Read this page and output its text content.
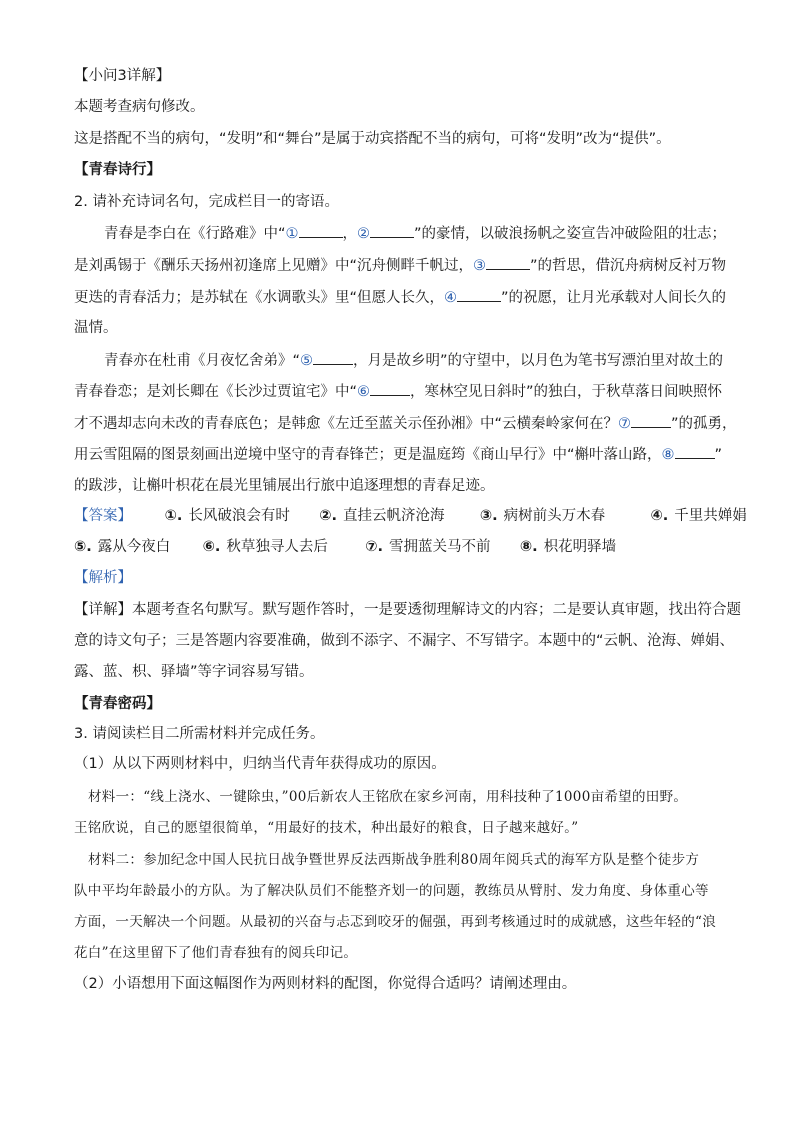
【小问3详解】
本题考查病句修改。
这是搭配不当的病句，“发明”和“舞台”是属于动宾搭配不当的病句，可将“发明”改为“提供”。
【青春诗行】
2. 请补充诗词名句，完成栏目一的寄语。
青春是李白在《行路难》中“①	，②	”的豪情，以破浪扬帆之姿宣告冲破险阻的壮志；
是刘禹锡于《酬乐天扬州初逢席上见赠》中“沉舟侧畔千帆过，③	”的哲思，借沉舟病树反衬万物
更迭的青春活力；是苏轼在《水调歌头》里“但愿人长久，④	”的祝愿，让月光承载对人间长久的
温情。
青春亦在杜甫《月夜忆舍弟》“⑤	，月是故乡明”的守望中，以月色为笔书写漂泊里对故土的
青春眷恋；是刘长卿在《长沙过贾谊宅》中“⑥	，寒林空见日斜时”的独白，于秋草落日间映照怀
才不遇却志向未改的青春底色；是韩愈《左迁至蓝关示侄孙湘》中“云横秦岭家何在？⑦	”的孤勇，
用云雪阻隔的图景刻画出逆境中坚守的青春锋芒；更是温庭筠《商山早行》中“槲叶落山路，⑧	”
的跋涉，让槲叶枳花在晨光里铺展出行旅中追逐理想的青春足迹。
【答案】 ①. 长风破浪会有时 ②. 直挂云帆济沧海 ③. 病树前头万木春	④. 千里共婵娟
⑤. 露从今夜白 ⑥. 秋草独寻人去后	⑦. 雪拥蓝关马不前 ⑧. 枳花明驿墙
【解析】
【详解】本题考查名句默写。默写题作答时，一是要透彻理解诗文的内容；二是要认真审题，找出符合题
意的诗文句子；三是答题内容要准确，做到不添字、不漏字、不写错字。本题中的“云帆、沧海、婵娟、
露、蓝、枳、驿墙”等字词容易写错。
【青春密码】
3. 请阅读栏目二所需材料并完成任务。
（1）从以下两则材料中，归纳当代青年获得成功的原因。
材料一：“线上浇水、一键除虫，”00后新农人王铭欣在家乡河南，用科技种了1000亩希望的田野。
王铭欣说，自己的愿望很简单，“用最好的技术，种出最好的粮食，日子越来越好。”
材料二：参加纪念中国人民抗日战争暨世界反法西斯战争胜利80周年阅兵式的海军方队是整个徒步方
队中平均年龄最小的方队。为了解决队员们不能整齐划一的问题，教练员从臂肘、发力角度、身体重心等
方面，一天解决一个问题。从最初的兴奋与忐忑到咬牙的倔强，再到考核通过时的成就感，这些年轻的“浪
花白”在这里留下了他们青春独有的阅兵印记。
（2）小语想用下面这幅图作为两则材料的配图，你觉得合适吗？请阐述理由。
